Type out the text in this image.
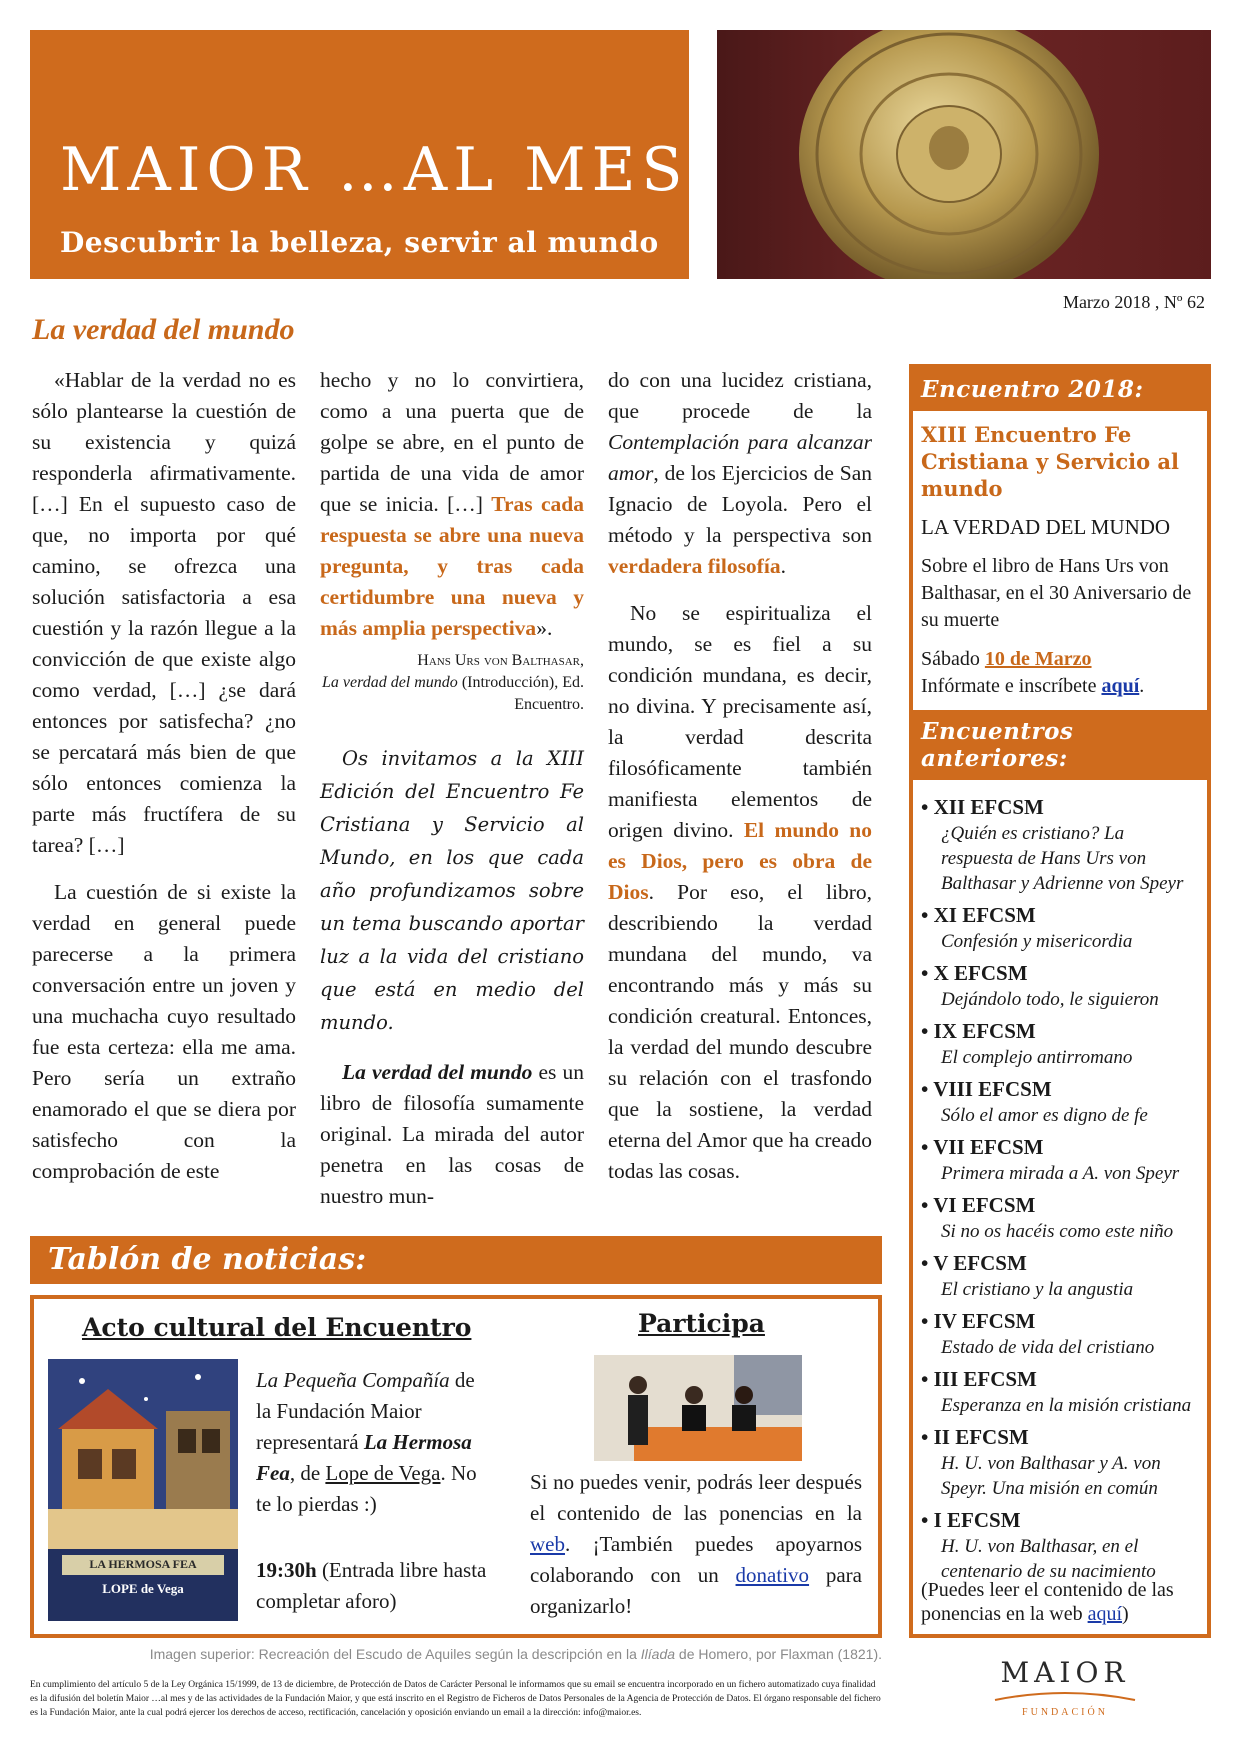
MAIOR …AL MES
Descubrir la belleza, servir al mundo
Marzo 2018 , Nº 62
La verdad del mundo

«Hablar de la verdad no es sólo plantearse la cuestión de su existencia y quizá responderla afirmativamente. […] En el supuesto caso de que, no importa por qué camino, se ofrezca una solución satisfactoria a esa cuestión y la razón llegue a la convicción de que existe algo como verdad, […] ¿se dará entonces por satisfecha? ¿no se percatará más bien de que sólo entonces comienza la parte más fructífera de su tarea? […]

La cuestión de si existe la verdad en general puede parecerse a la primera conversación entre un joven y una muchacha cuyo resultado fue esta certeza: ella me ama. Pero sería un extraño enamorado el que se diera por satisfecho con la comprobación de este

hecho y no lo convirtiera, como a una puerta que de golpe se abre, en el punto de partida de una vida de amor que se inicia. […] Tras cada respuesta se abre una nueva pregunta, y tras cada certidumbre una nueva y más amplia perspectiva».

Hans Urs von Balthasar,
La verdad del mundo (Introducción), Ed. Encuentro.

Os invitamos a la XIII Edición del Encuentro Fe Cristiana y Servicio al Mundo, en los que cada año profundizamos sobre un tema buscando aportar luz a la vida del cristiano que está en medio del mundo.

La verdad del mundo es un libro de filosofía sumamente original. La mirada del autor penetra en las cosas de nuestro mun-

do con una lucidez cristiana, que procede de la Contemplación para alcanzar amor, de los Ejercicios de San Ignacio de Loyola. Pero el método y la perspectiva son verdadera filosofía.

No se espiritualiza el mundo, se es fiel a su condición mundana, es decir, no divina. Y precisamente así, la verdad descrita filosóficamente también manifiesta elementos de origen divino. El mundo no es Dios, pero es obra de Dios. Por eso, el libro, describiendo la verdad mundana del mundo, va encontrando más y más su condición creatural. Entonces, la verdad del mundo descubre su relación con el trasfondo que la sostiene, la verdad eterna del Amor que ha creado todas las cosas.

Encuentro 2018:
XIII Encuentro Fe Cristiana y Servicio al mundo
LA VERDAD DEL MUNDO
Sobre el libro de Hans Urs von Balthasar, en el 30 Aniversario de su muerte
Sábado 10 de Marzo
Infórmate e inscríbete aquí.
Encuentros anteriores:
• XII EFCSM
¿Quién es cristiano? La respuesta de Hans Urs von Balthasar y Adrienne von Speyr
• XI EFCSM
Confesión y misericordia
• X EFCSM
Dejándolo todo, le siguieron
• IX EFCSM
El complejo antirromano
• VIII EFCSM
Sólo el amor es digno de fe
• VII EFCSM
Primera mirada a A. von Speyr
• VI EFCSM
Si no os hacéis como este niño
• V EFCSM
El cristiano y la angustia
• IV EFCSM
Estado de vida del cristiano
• III EFCSM
Esperanza en la misión cristiana
• II EFCSM
H. U. von Balthasar y A. von Speyr. Una misión en común
• I EFCSM
H. U. von Balthasar, en el centenario de su nacimiento
(Puedes leer el contenido de las ponencias en la web aquí)
Tablón de noticias:
Acto cultural del Encuentro
LA HERMOSA FEA
LOPE de Vega
La Pequeña Compañía de la Fundación Maior representará La Hermosa Fea, de Lope de Vega. No te lo pierdas :)
19:30h (Entrada libre hasta completar aforo)
Participa
Si no puedes venir, podrás leer después el contenido de las ponencias en la web. ¡También puedes apoyarnos colaborando con un donativo para organizarlo!
Imagen superior: Recreación del Escudo de Aquiles según la descripción en la Ilíada de Homero, por Flaxman (1821).
En cumplimiento del artículo 5 de la Ley Orgánica 15/1999, de 13 de diciembre, de Protección de Datos de Carácter Personal le informamos que su email se encuentra incorporado en un fichero automatizado cuya finalidad es la difusión del boletín Maior …al mes y de las actividades de la Fundación Maior, y que está inscrito en el Registro de Ficheros de Datos Personales de la Agencia de Protección de Datos. El órgano responsable del fichero es la Fundación Maior, ante la cual podrá ejercer los derechos de acceso, rectificación, cancelación y oposición enviando un email a la dirección: info@maior.es.
MAIOR
FUNDACIÓN
